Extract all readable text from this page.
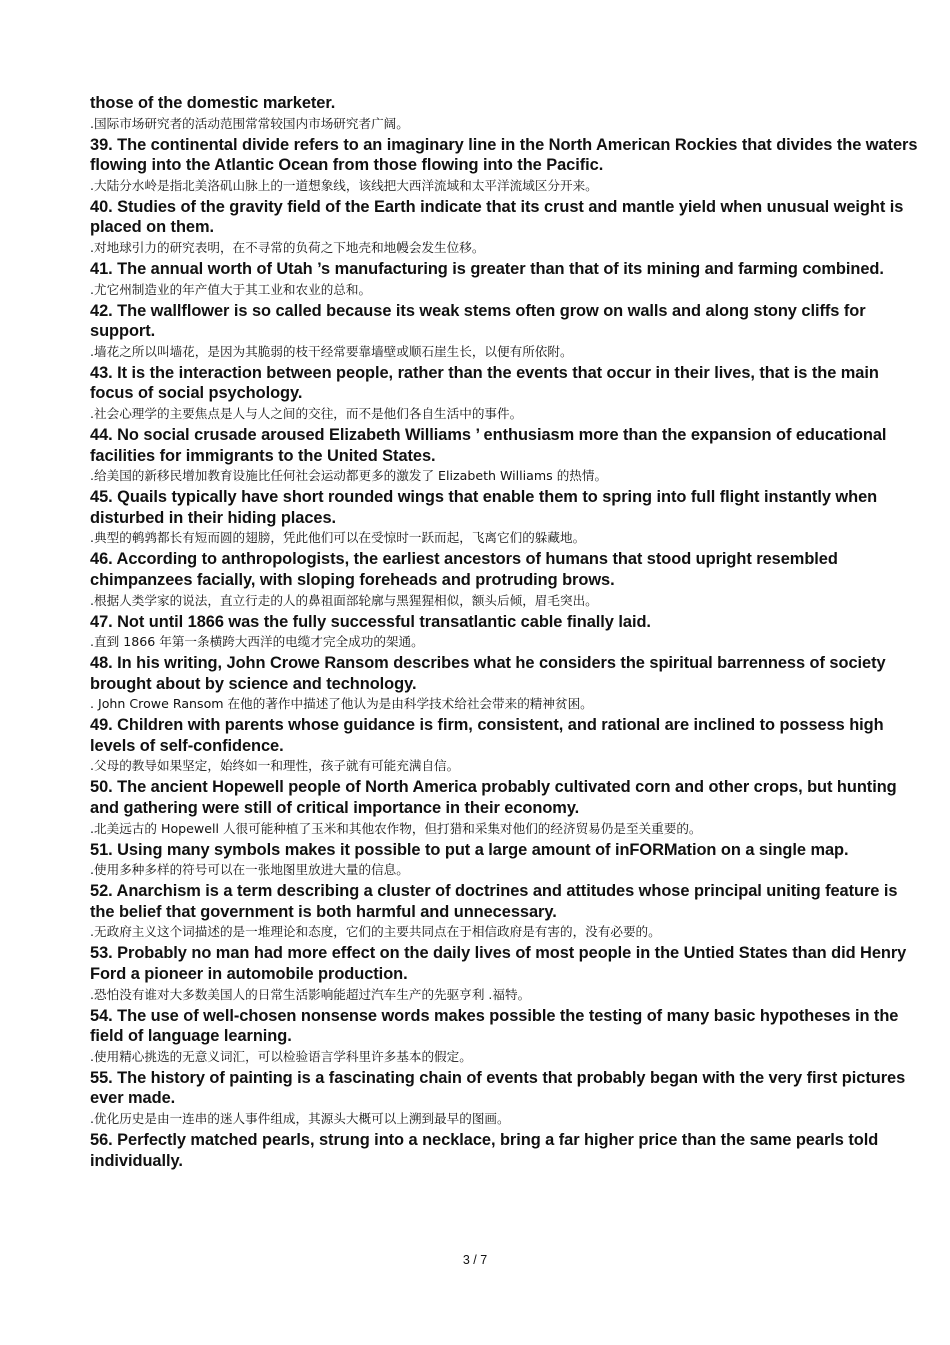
those of the domestic marketer.

.国际市场研究者的活动范围常常较国内市场研究者广阔。

39. The continental divide refers to an imaginary line in the North American Rockies that divides the waters flowing into the Atlantic Ocean from those flowing into the Pacific.

.大陆分水岭是指北美洛矶山脉上的一道想象线，该线把大西洋流域和太平洋流域区分开来。

40. Studies of the gravity field of the Earth indicate that its crust and mantle yield when unusual weight is placed on them.

.对地球引力的研究表明，在不寻常的负荷之下地壳和地幔会发生位移。

41. The annual worth of Utah ’s manufacturing is greater than that of its mining and farming combined.

.尤它州制造业的年产值大于其工业和农业的总和。

42. The wallflower is so called because its weak stems often grow on walls and along stony cliffs for support.

.墙花之所以叫墙花，是因为其脆弱的枝干经常要靠墙壁或顺石崖生长，以便有所依附。

43. It is the interaction between people, rather than the events that occur in their lives, that is the main focus of social psychology.

.社会心理学的主要焦点是人与人之间的交往，而不是他们各自生活中的事件。

44. No social crusade aroused Elizabeth Williams ’ enthusiasm more than the expansion of educational facilities for immigrants to the United States.

.给美国的新移民增加教育设施比任何社会运动都更多的激发了 Elizabeth Williams 的热情。

45. Quails typically have short rounded wings that enable them to spring into full flight instantly when disturbed in their hiding places.

.典型的鹌鹑都长有短而圆的翅膀，凭此他们可以在受惊时一跃而起，飞离它们的躲藏地。

46. According to anthropologists, the earliest ancestors of humans that stood upright resembled chimpanzees facially, with sloping foreheads and protruding brows.

.根据人类学家的说法，直立行走的人的鼻祖面部轮廓与黑猩猩相似，额头后倾，眉毛突出。

47. Not until 1866 was the fully successful transatlantic cable finally laid.

.直到 1866 年第一条横跨大西洋的电缆才完全成功的架通。

48. In his writing, John Crowe Ransom describes what he considers the spiritual barrenness of society brought about by science and technology.

. John Crowe Ransom 在他的著作中描述了他认为是由科学技术给社会带来的精神贫困。

49. Children with parents whose guidance is firm, consistent, and rational are inclined to possess high levels of self-confidence.

.父母的教导如果坚定，始终如一和理性，孩子就有可能充满自信。

50. The ancient Hopewell people of North America probably cultivated corn and other crops, but hunting and gathering were still of critical importance in their economy.

.北美远古的 Hopewell 人很可能种植了玉米和其他农作物，但打猎和采集对他们的经济贸易仍是至关重要的。

51. Using many symbols makes it possible to put a large amount of inFORMation on a single map.

.使用多种多样的符号可以在一张地图里放进大量的信息。

52. Anarchism is a term describing a cluster of doctrines and attitudes whose principal uniting feature is the belief that government is both harmful and unnecessary.

.无政府主义这个词描述的是一堆理论和态度，它们的主要共同点在于相信政府是有害的，没有必要的。

53. Probably no man had more effect on the daily lives of most people in the Untied States than did Henry Ford a pioneer in automobile production.

.恐怕没有谁对大多数美国人的日常生活影响能超过汽车生产的先驱亨利 .福特。

54. The use of well-chosen nonsense words makes possible the testing of many basic hypotheses in the field of language learning.

.使用精心挑选的无意义词汇，可以检验语言学科里许多基本的假定。

55. The history of painting is a fascinating chain of events that probably began with the very first pictures ever made.

.优化历史是由一连串的迷人事件组成，其源头大概可以上溯到最早的图画。

56. Perfectly matched pearls, strung into a necklace, bring a far higher price than the same pearls told individually.

3 / 7
